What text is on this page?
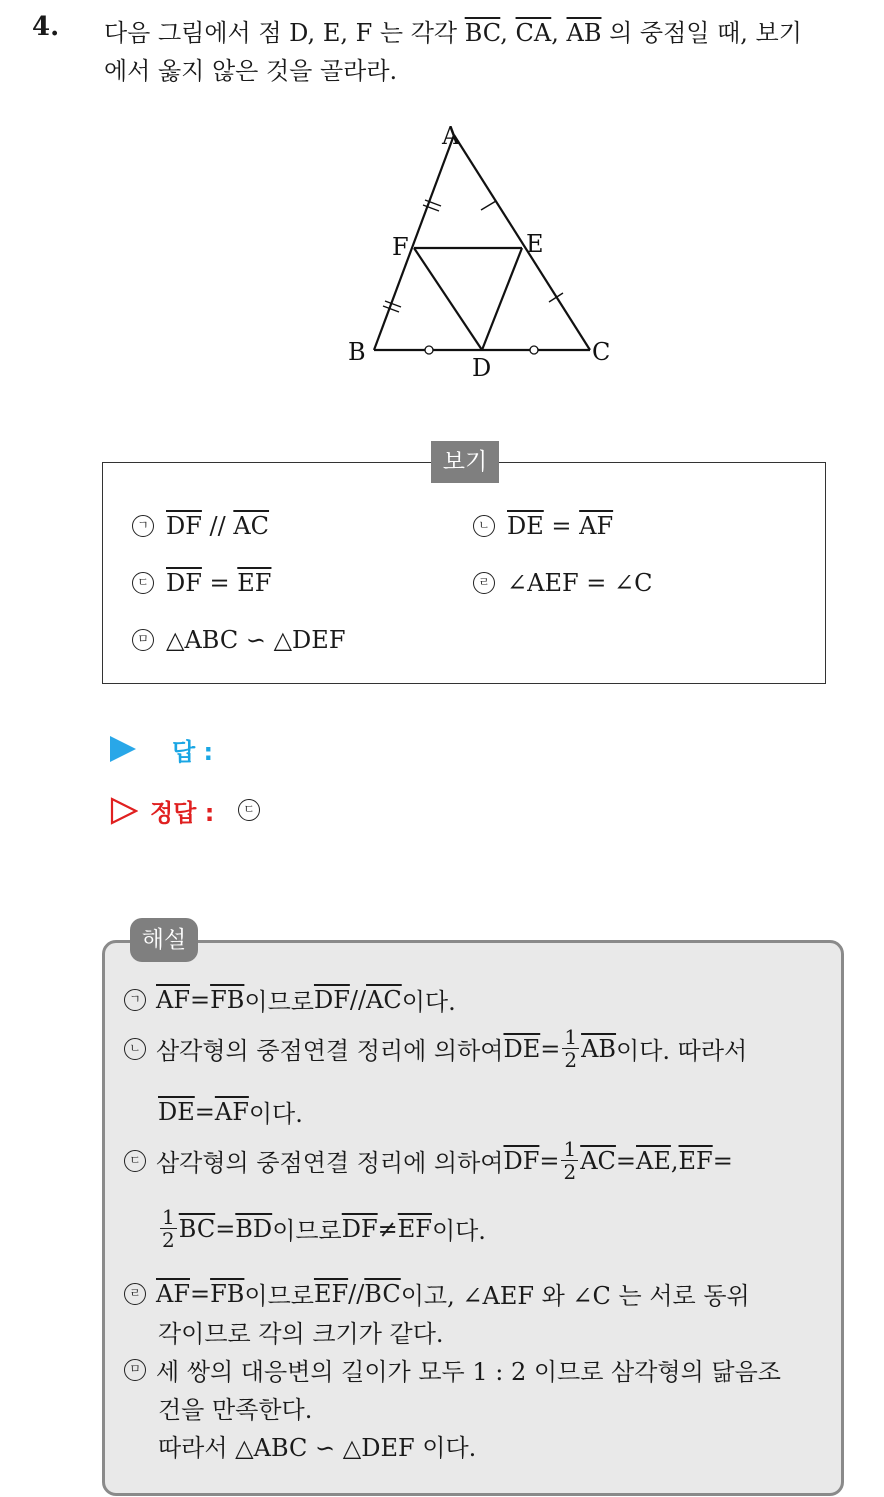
4. 다음 그림에서 점 D, E, F 는 각각 $\overline{BC}$, $\overline{CA}$, $\overline{AB}$ 의 중점일 때, 보기
에서 옳지 않은 것을 골라라.
A
F	E
B
D
C
보기
ㄱ $\overline{DF} // \overline{AC}$	ㄴ $\overline{DE} = \overline{AF}$
ㄷ $\overline{DF} = \overline{EF}$	ㄹ ∠AEF = ∠C
ㅁ △ABC ∽ △DEF
답 :
정답 :	ㄷ
해설
ㄱ $\overline{AF} = \overline{FB}$ 이므로 $\overline{DF} // \overline{AC}$ 이다.
ㄴ 삼각형의 중점연결 정리에 의하여 $\overline{DE} = \frac{1}{2} \overline{AB}$ 이다. 따라서
$\overline{DE} = \overline{AF}$ 이다.
ㄷ 삼각형의 중점연결 정리에 의하여 $\overline{DF} = \frac{1}{2} \overline{AC} = \overline{AE}$ , $\overline{EF}$ =
$\frac{1}{2} \overline{BC} = \overline{BD}$ 이므로 $\overline{DF} \ne \overline{EF}$ 이다.
ㄹ $\overline{AF} = \overline{FB}$ 이므로 $\overline{EF} // \overline{BC}$ 이고, ∠AEF 와 ∠C 는 서로 동위
각이므로 각의 크기가 같다.
ㅁ 세 쌍의 대응변의 길이가 모두 1 : 2 이므로 삼각형의 닮음조
건을 만족한다.
따라서 △ABC ∽ △DEF 이다.
